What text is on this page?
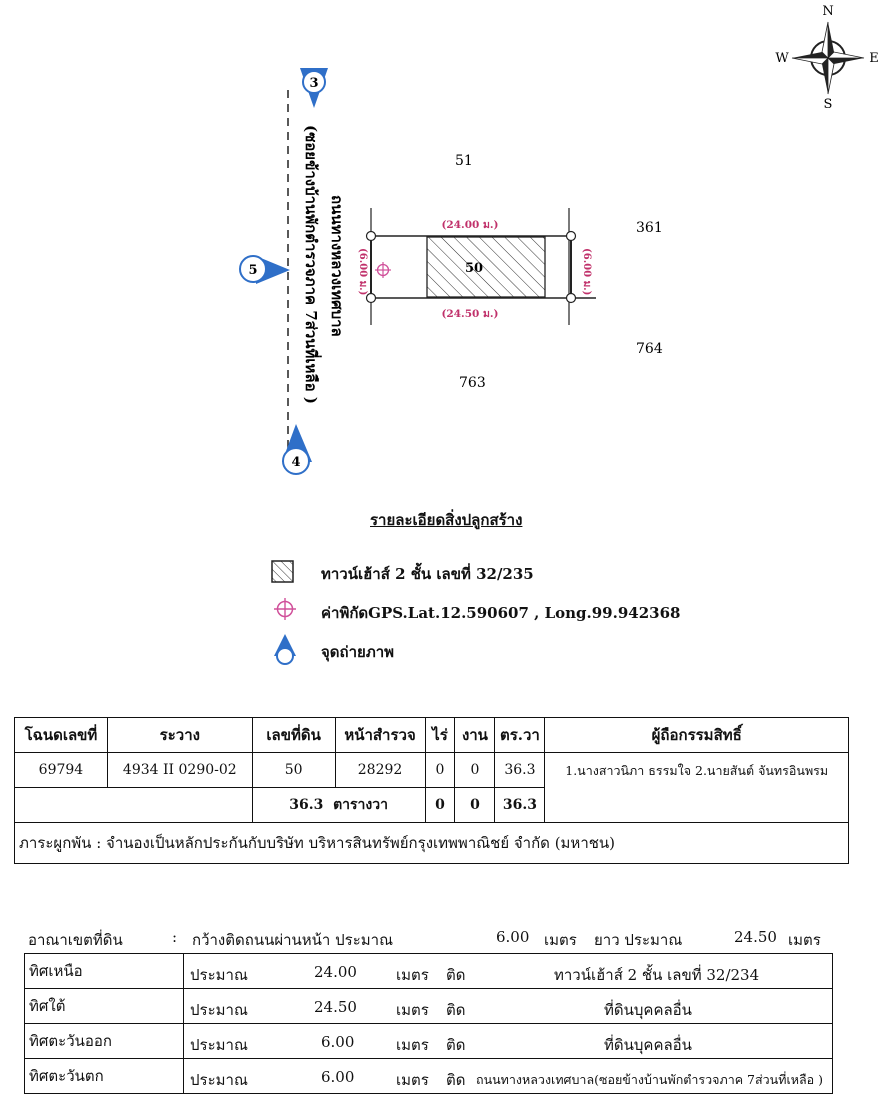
N
S
W	E
(ซอยข้างบ้านพักตำรวจภาค 7ส่วนที่เหลือ ) ถนนทางหลวงเทศบาล
3
5
4
51
361
764
763
50
(24.00 ม.)
(24.50 ม.)
(6.00 ม.)	(6.00 ม.)
รายละเอียดสิ่งปลูกสร้าง
ทาวน์เฮ้าส์ 2 ชั้น เลขที่ 32/235
ค่าพิกัดGPS.Lat.12.590607 , Long.99.942368
จุดถ่ายภาพ
โฉนดเลขที่	ระวาง	เลขที่ดิน	หน้าสำรวจ	ไร่	งาน	ตร.วา	ผู้ถือกรรมสิทธิ์
69794	4934 II 0290-02	50	28292	0	0	36.3	1.นางสาวนิภา ธรรมใจ 2.นายสันต์ จันทรอินพรม
		36.3 ตารางวา		0	0	36.3	
ภาระผูกพัน : จำนองเป็นหลักประกันกับบริษัท บริหารสินทรัพย์กรุงเทพพาณิชย์ จำกัด (มหาชน)							
อาณาเขตที่ดิน	: กว้างติดถนนผ่านหน้า ประมาณ	6.00 เมตร ยาว ประมาณ	24.50 เมตร
ทิศเหนือ	ประมาณ 24.00 เมตร ติด ทาวน์เฮ้าส์ 2 ชั้น เลขที่ 32/234

ทิศใต้	ประมาณ 24.50 เมตร ติด ที่ดินบุคคลอื่น

ทิศตะวันออก	ประมาณ 6.00 เมตร ติด ที่ดินบุคคลอื่น

ทิศตะวันตก	ประมาณ 6.00 เมตร ติด ถนนทางหลวงเทศบาล(ซอยข้างบ้านพักตำรวจภาค 7ส่วนที่เหลือ )
